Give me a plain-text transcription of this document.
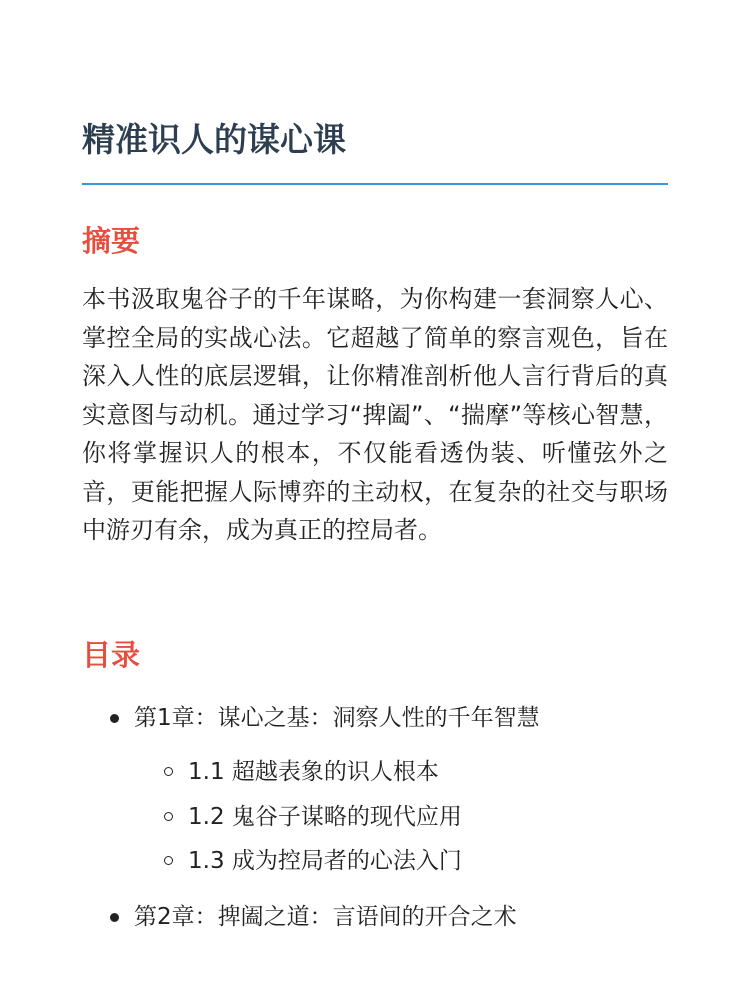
精准识人的谋心课
摘要

本书汲取鬼谷子的千年谋略，为你构建一套洞察人心、掌控全局的实战心法。它超越了简单的察言观色，旨在深入人性的底层逻辑，让你精准剖析他人言行背后的真实意图与动机。通过学习“捭阖”、“揣摩”等核心智慧，你将掌握识人的根本，不仅能看透伪装、听懂弦外之音，更能把握人际博弈的主动权，在复杂的社交与职场中游刃有余，成为真正的控局者。

目录
第1章：谋心之基：洞察人性的千年智慧
1.1 超越表象的识人根本
1.2 鬼谷子谋略的现代应用
1.3 成为控局者的心法入门
第2章：捭阖之道：言语间的开合之术
